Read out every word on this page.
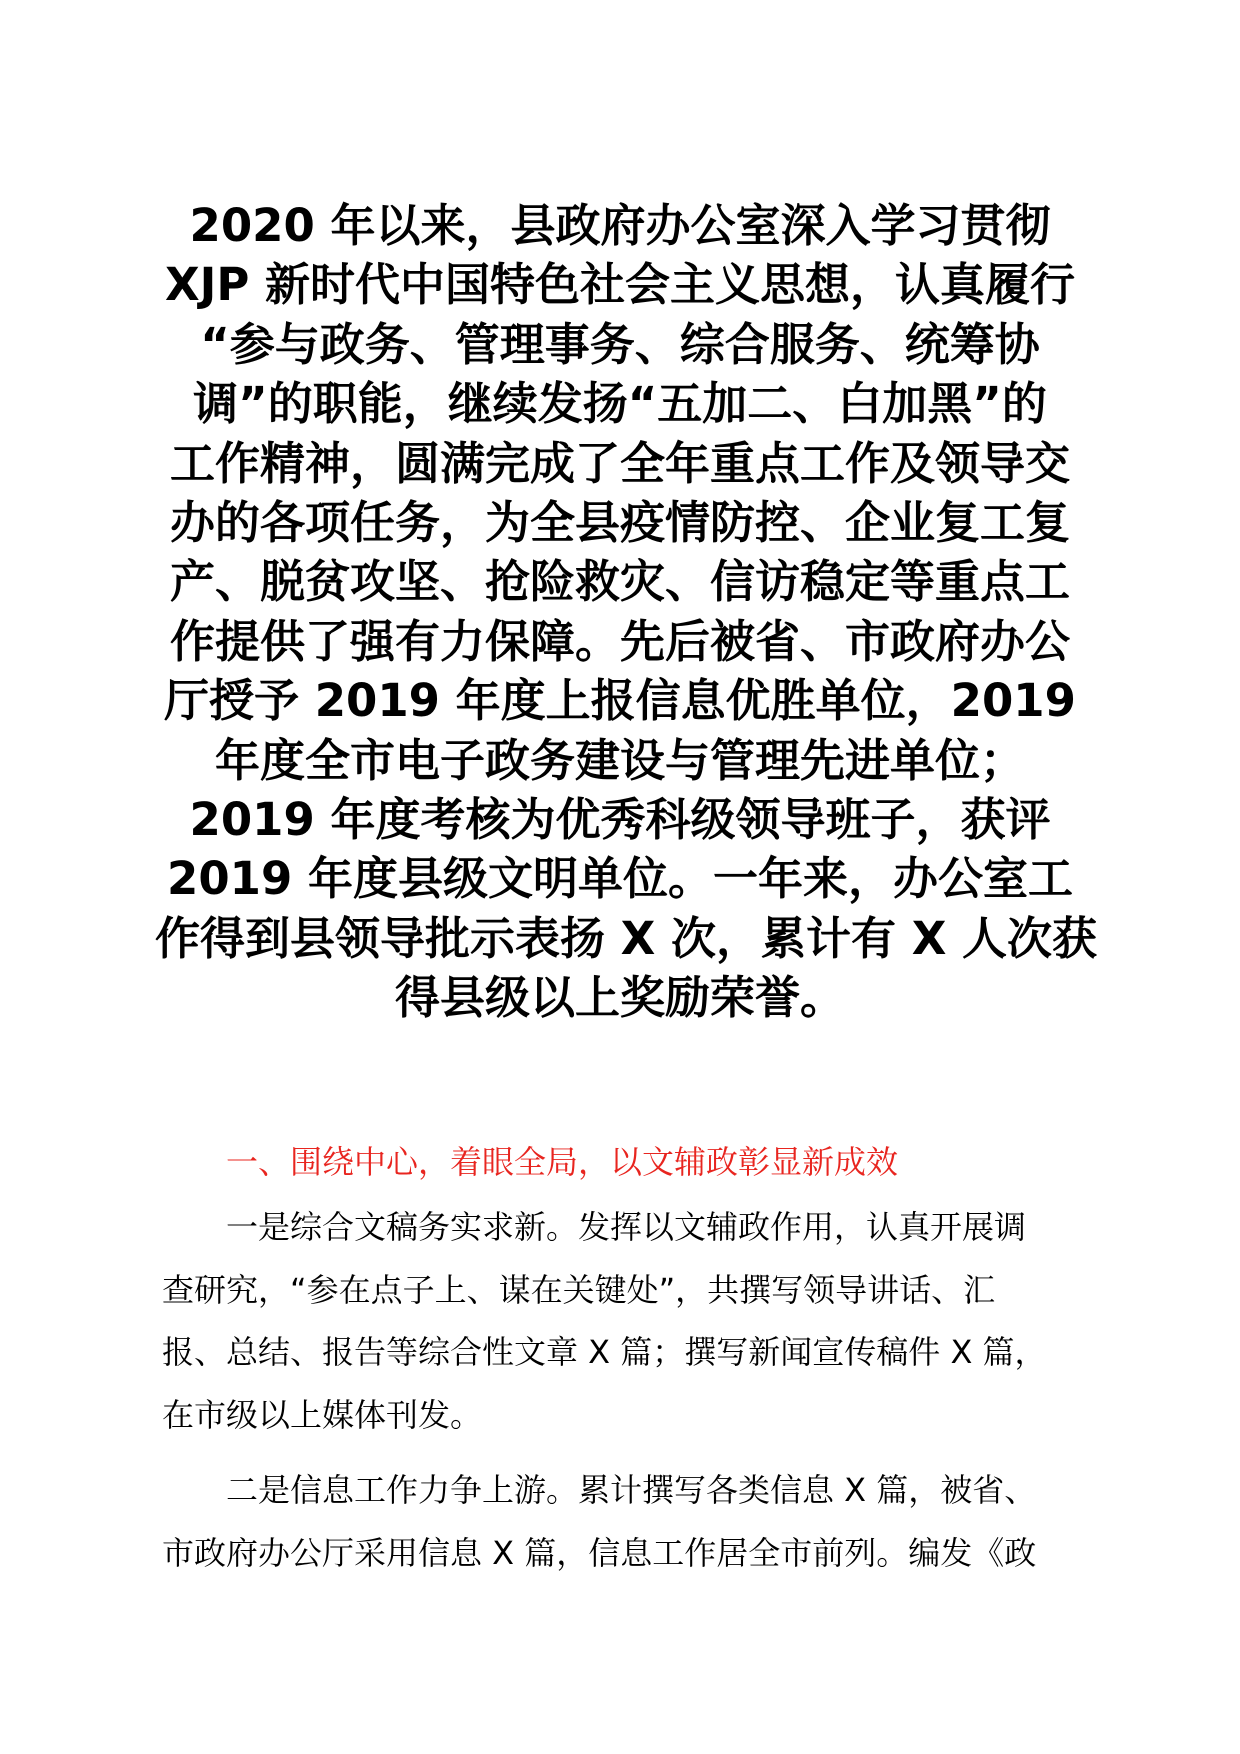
2020 年以来，县政府办公室深入学习贯彻
XJP 新时代中国特色社会主义思想，认真履行
“参与政务、管理事务、综合服务、统筹协
调”的职能，继续发扬“五加二、白加黑”的
工作精神，圆满完成了全年重点工作及领导交
办的各项任务，为全县疫情防控、企业复工复
产、脱贫攻坚、抢险救灾、信访稳定等重点工
作提供了强有力保障。先后被省、市政府办公
厅授予 2019 年度上报信息优胜单位，2019
年度全市电子政务建设与管理先进单位；
2019 年度考核为优秀科级领导班子，获评
2019 年度县级文明单位。一年来，办公室工
作得到县领导批示表扬 X 次，累计有 X 人次获
得县级以上奖励荣誉。

一、围绕中心，着眼全局，以文辅政彰显新成效

一是综合文稿务实求新。发挥以文辅政作用，认真开展调
查研究，“参在点子上、谋在关键处”，共撰写领导讲话、汇
报、总结、报告等综合性文章 X 篇；撰写新闻宣传稿件 X 篇，
在市级以上媒体刊发。
二是信息工作力争上游。累计撰写各类信息 X 篇，被省、
市政府办公厅采用信息 X 篇，信息工作居全市前列。编发《政
